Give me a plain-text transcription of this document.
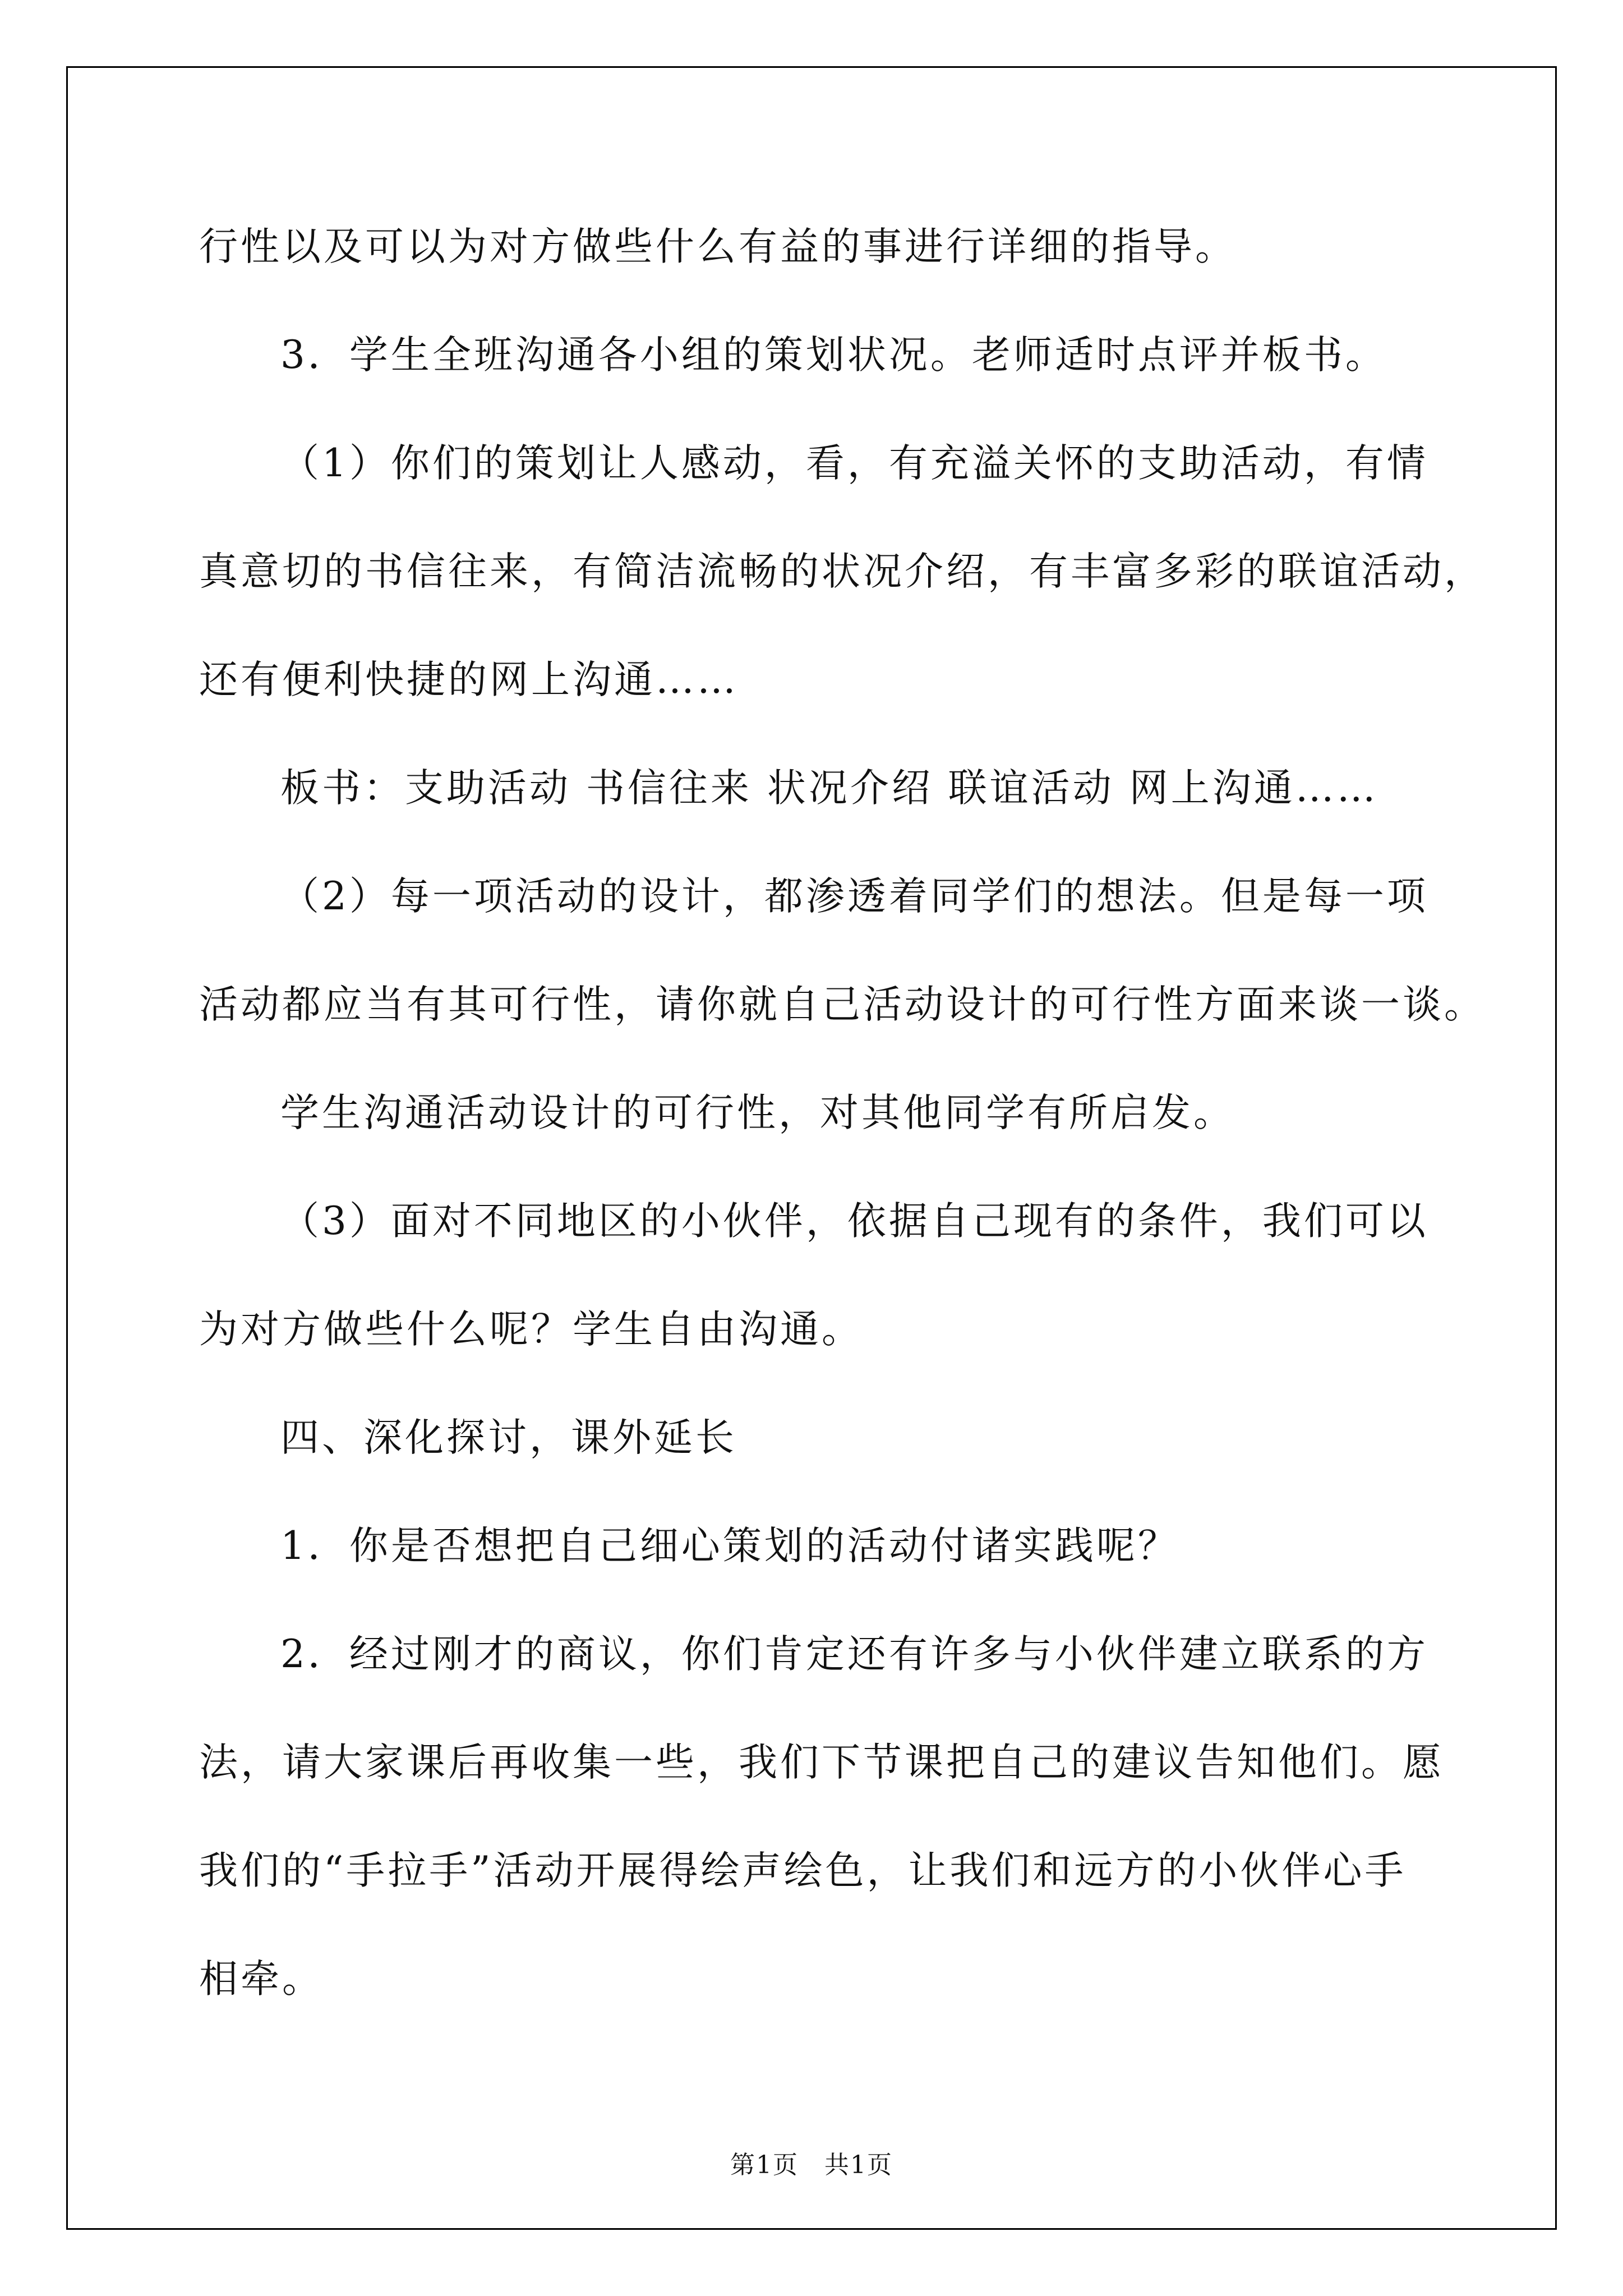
行性以及可以为对方做些什么有益的事进行详细的指导。
3．学生全班沟通各小组的策划状况。老师适时点评并板书。
（1）你们的策划让人感动，看，有充溢关怀的支助活动，有情
真意切的书信往来，有简洁流畅的状况介绍，有丰富多彩的联谊活动，
还有便利快捷的网上沟通……
板书：支助活动 书信往来 状况介绍 联谊活动 网上沟通……
（2）每一项活动的设计，都渗透着同学们的想法。但是每一项
活动都应当有其可行性，请你就自己活动设计的可行性方面来谈一谈。
学生沟通活动设计的可行性，对其他同学有所启发。
（3）面对不同地区的小伙伴，依据自己现有的条件，我们可以
为对方做些什么呢？学生自由沟通。
四、深化探讨，课外延长
1．你是否想把自己细心策划的活动付诸实践呢？
2．经过刚才的商议，你们肯定还有许多与小伙伴建立联系的方
法，请大家课后再收集一些，我们下节课把自己的建议告知他们。愿
我们的“手拉手”活动开展得绘声绘色，让我们和远方的小伙伴心手
相牵。
第1页　共1页
